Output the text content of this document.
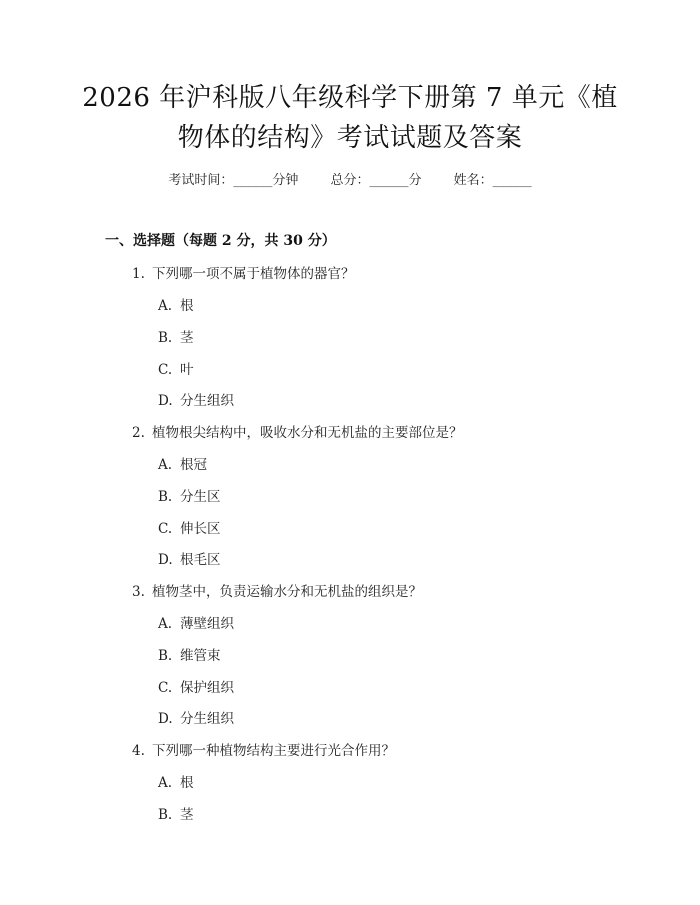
2026 年沪科版八年级科学下册第 7 单元《植
物体的结构》考试试题及答案
考试时间：______分钟 总分：______分 姓名：______
一、选择题（每题 2 分，共 30 分）
1. 下列哪一项不属于植物体的器官？
A. 根
B. 茎
C. 叶
D. 分生组织
2. 植物根尖结构中，吸收水分和无机盐的主要部位是？
A. 根冠
B. 分生区
C. 伸长区
D. 根毛区
3. 植物茎中，负责运输水分和无机盐的组织是？
A. 薄壁组织
B. 维管束
C. 保护组织
D. 分生组织
4. 下列哪一种植物结构主要进行光合作用？
A. 根
B. 茎
